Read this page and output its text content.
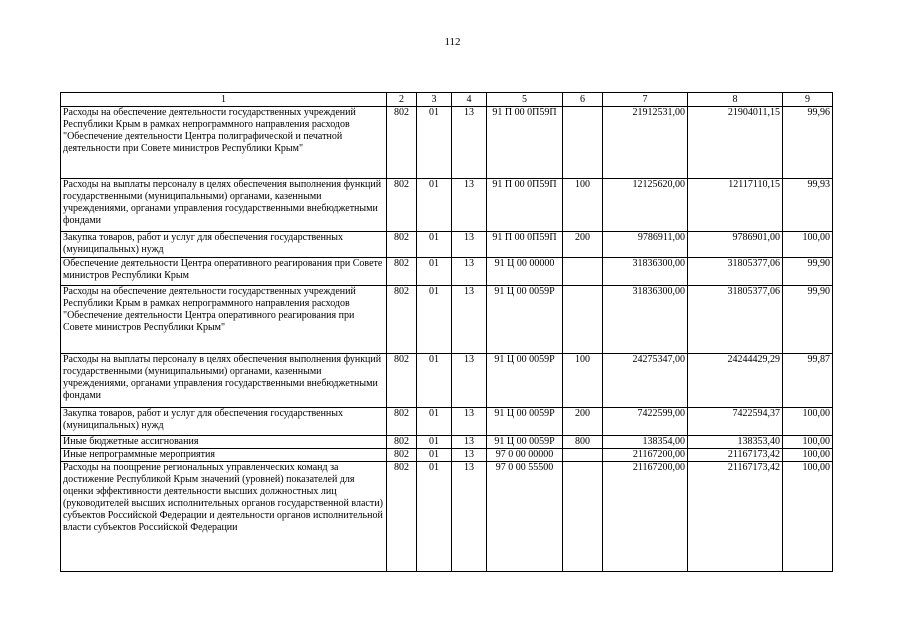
112
1	2	3	4	5	6	7	8	9
Расходы на обеспечение деятельности государственных учреждений Республики Крым в рамках непрограммного направления расходов "Обеспечение деятельности Центра полиграфической и печатной деятельности при Совете министров Республики Крым"	802	01	13	91 П 00 0П59П		21912531,00	21904011,15	99,96
Расходы на выплаты персоналу в целях обеспечения выполнения функций государственными (муниципальными) органами, казенными учреждениями, органами управления государственными внебюджетными фондами	802	01	13	91 П 00 0П59П	100	12125620,00	12117110,15	99,93
Закупка товаров, работ и услуг для обеспечения государственных (муниципальных) нужд	802	01	13	91 П 00 0П59П	200	9786911,00	9786901,00	100,00
Обеспечение деятельности Центра оперативного реагирования при Совете министров Республики Крым	802	01	13	91 Ц 00 00000		31836300,00	31805377,06	99,90
Расходы на обеспечение деятельности государственных учреждений Республики Крым в рамках непрограммного направления расходов "Обеспечение деятельности Центра оперативного реагирования при Совете министров Республики Крым"	802	01	13	91 Ц 00 0059Р		31836300,00	31805377,06	99,90
Расходы на выплаты персоналу в целях обеспечения выполнения функций государственными (муниципальными) органами, казенными учреждениями, органами управления государственными внебюджетными фондами	802	01	13	91 Ц 00 0059Р	100	24275347,00	24244429,29	99,87
Закупка товаров, работ и услуг для обеспечения государственных (муниципальных) нужд	802	01	13	91 Ц 00 0059Р	200	7422599,00	7422594,37	100,00
Иные бюджетные ассигнования	802	01	13	91 Ц 00 0059Р	800	138354,00	138353,40	100,00
Иные непрограммные мероприятия	802	01	13	97 0 00 00000		21167200,00	21167173,42	100,00
Расходы на поощрение региональных управленческих команд за достижение Республикой Крым значений (уровней) показателей для оценки эффективности деятельности высших должностных лиц (руководителей высших исполнительных органов государственной власти) субъектов Российской Федерации и деятельности органов исполнительной власти субъектов Российской Федерации	802	01	13	97 0 00 55500		21167200,00	21167173,42	100,00
